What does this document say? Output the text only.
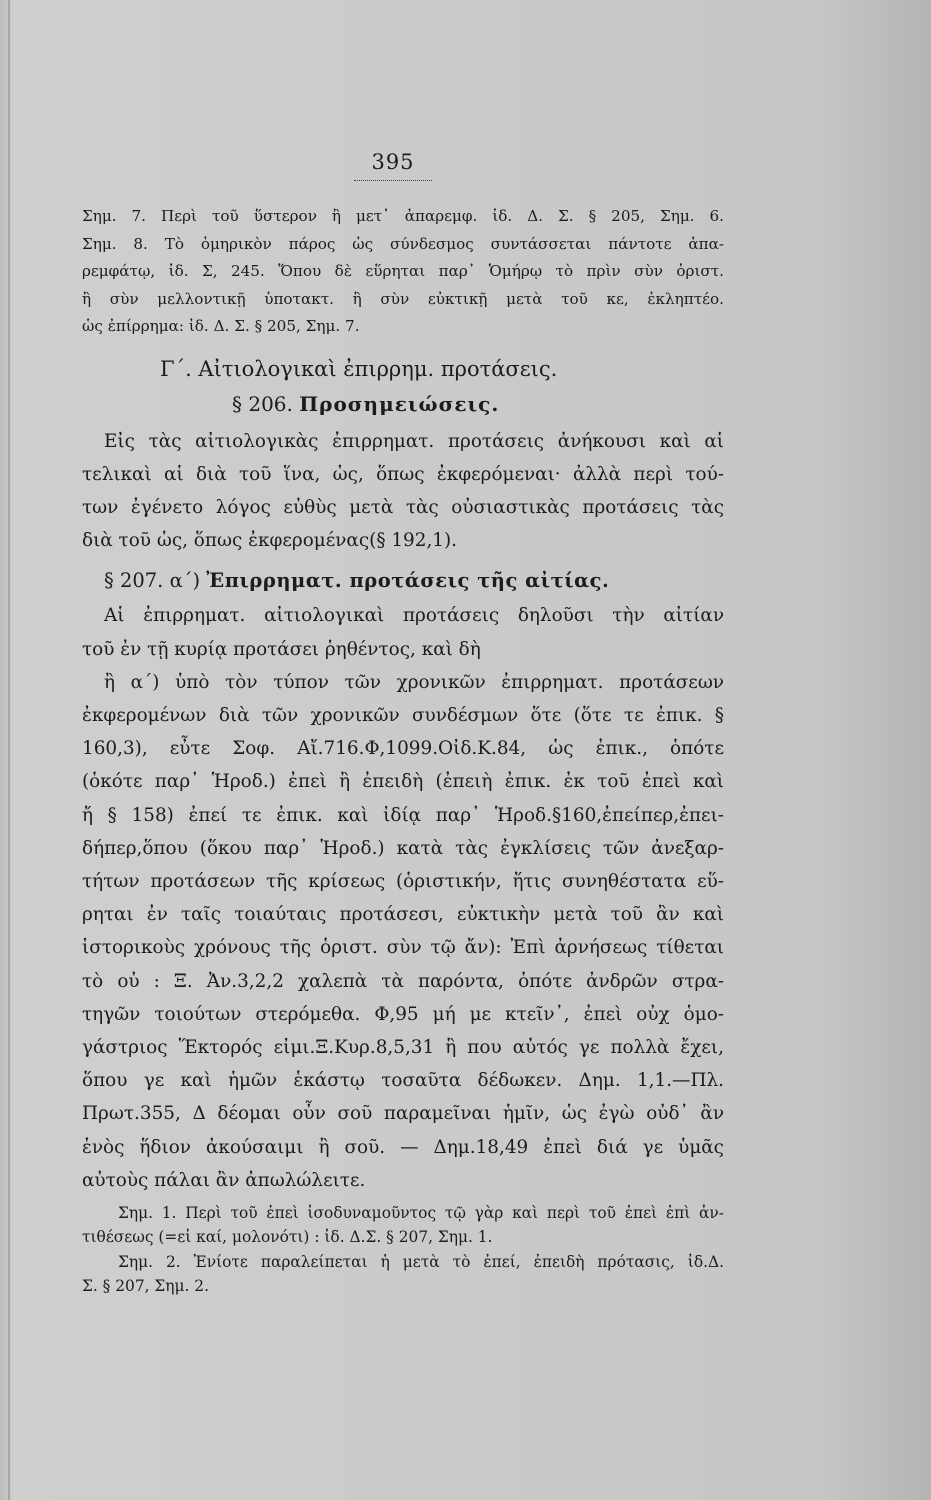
395
Σημ. 7. Περὶ τοῦ ὕστερον ἢ μετ᾽ ἀπαρεμφ. ἰδ. Δ. Σ. § 205, Σημ. 6.
Σημ. 8. Τὸ ὁμηρικὸν πάρος ὡς σύνδεσμος συντάσσεται πάντοτε ἀπα-
ρεμφάτῳ, ἰδ. Σ, 245. Ὅπου δὲ εὕρηται παρ᾽ Ὁμήρῳ τὸ πρὶν σὺν ὁριστ.
ἢ σὺν μελλοντικῇ ὑποτακτ. ἢ σὺν εὐκτικῇ μετὰ τοῦ κε, ἐκληπτέο.
ὡς ἐπίρρημα: ἰδ. Δ. Σ. § 205, Σημ. 7.
Γ΄. Αἰτιολογικαὶ ἐπιρρημ. προτάσεις.
§ 206. Προσημειώσεις.
Εἰς τὰς αἰτιολογικὰς ἐπιρρηματ. προτάσεις ἀνήκουσι καὶ αἱ
τελικαὶ αἱ διὰ τοῦ ἵνα, ὡς, ὅπως ἐκφερόμεναι· ἀλλὰ περὶ τού-
των ἐγένετο λόγος εὐθὺς μετὰ τὰς οὐσιαστικὰς προτάσεις τὰς
διὰ τοῦ ὡς, ὅπως ἐκφερομένας(§ 192,1).
§ 207. α΄) Ἐπιρρηματ. προτάσεις τῆς αἰτίας.
Αἱ ἐπιρρηματ. αἰτιολογικαὶ προτάσεις δηλοῦσι τὴν αἰτίαν
τοῦ ἐν τῇ κυρίᾳ προτάσει ῥηθέντος, καὶ δὴ
ἢ α΄) ὑπὸ τὸν τύπον τῶν χρονικῶν ἐπιρρηματ. προτάσεων
ἐκφερομένων διὰ τῶν χρονικῶν συνδέσμων ὅτε (ὅτε τε ἐπικ. §
160,3), εὖτε Σοφ. Αἴ.716.Φ,1099.Οἰδ.Κ.84, ὡς ἐπικ., ὁπότε
(ὁκότε παρ᾽ Ἡροδ.) ἐπεὶ ἢ ἐπειδὴ (ἐπειὴ ἐπικ. ἐκ τοῦ ἐπεὶ καὶ
ἤ § 158) ἐπεί τε ἐπικ. καὶ ἰδίᾳ παρ᾽ Ἡροδ.§160,ἐπείπερ,ἐπει-
δήπερ,ὅπου (ὅκου παρ᾽ Ἡροδ.) κατὰ τὰς ἐγκλίσεις τῶν ἀνεξαρ-
τήτων προτάσεων τῆς κρίσεως (ὁριστικήν, ἥτις συνηθέστατα εὕ-
ρηται ἐν ταῖς τοιαύταις προτάσεσι, εὐκτικὴν μετὰ τοῦ ἂν καὶ
ἱστορικοὺς χρόνους τῆς ὁριστ. σὺν τῷ ἄν): Ἐπὶ ἀρνήσεως τίθεται
τὸ οὐ : Ξ. Ἀν.3,2,2 χαλεπὰ τὰ παρόντα, ὁπότε ἀνδρῶν στρα-
τηγῶν τοιούτων στερόμεθα. Φ,95 μή με κτεῖν᾽, ἐπεὶ οὐχ ὁμο-
γάστριος Ἕκτορός εἰμι.Ξ.Κυρ.8,5,31 ἢ που αὐτός γε πολλὰ ἔχει,
ὅπου γε καὶ ἡμῶν ἑκάστῳ τοσαῦτα δέδωκεν. Δημ. 1,1.—Πλ.
Πρωτ.355, Δ δέομαι οὖν σοῦ παραμεῖναι ἡμῖν, ὡς ἐγὼ οὐδ᾽ ἂν
ἑνὸς ἥδιον ἀκούσαιμι ἢ σοῦ. — Δημ.18,49 ἐπεὶ διά γε ὑμᾶς
αὐτοὺς πάλαι ἂν ἀπωλώλειτε.
Σημ. 1. Περὶ τοῦ ἐπεὶ ἰσοδυναμοῦντος τῷ γὰρ καὶ περὶ τοῦ ἐπεὶ ἐπὶ ἀν-
τιθέσεως (=εἰ καί, μολονότι) : ἰδ. Δ.Σ. § 207, Σημ. 1.
Σημ. 2. Ἐνίοτε παραλείπεται ἡ μετὰ τὸ ἐπεί, ἐπειδὴ πρότασις, ἰδ.Δ.
Σ. § 207, Σημ. 2.
